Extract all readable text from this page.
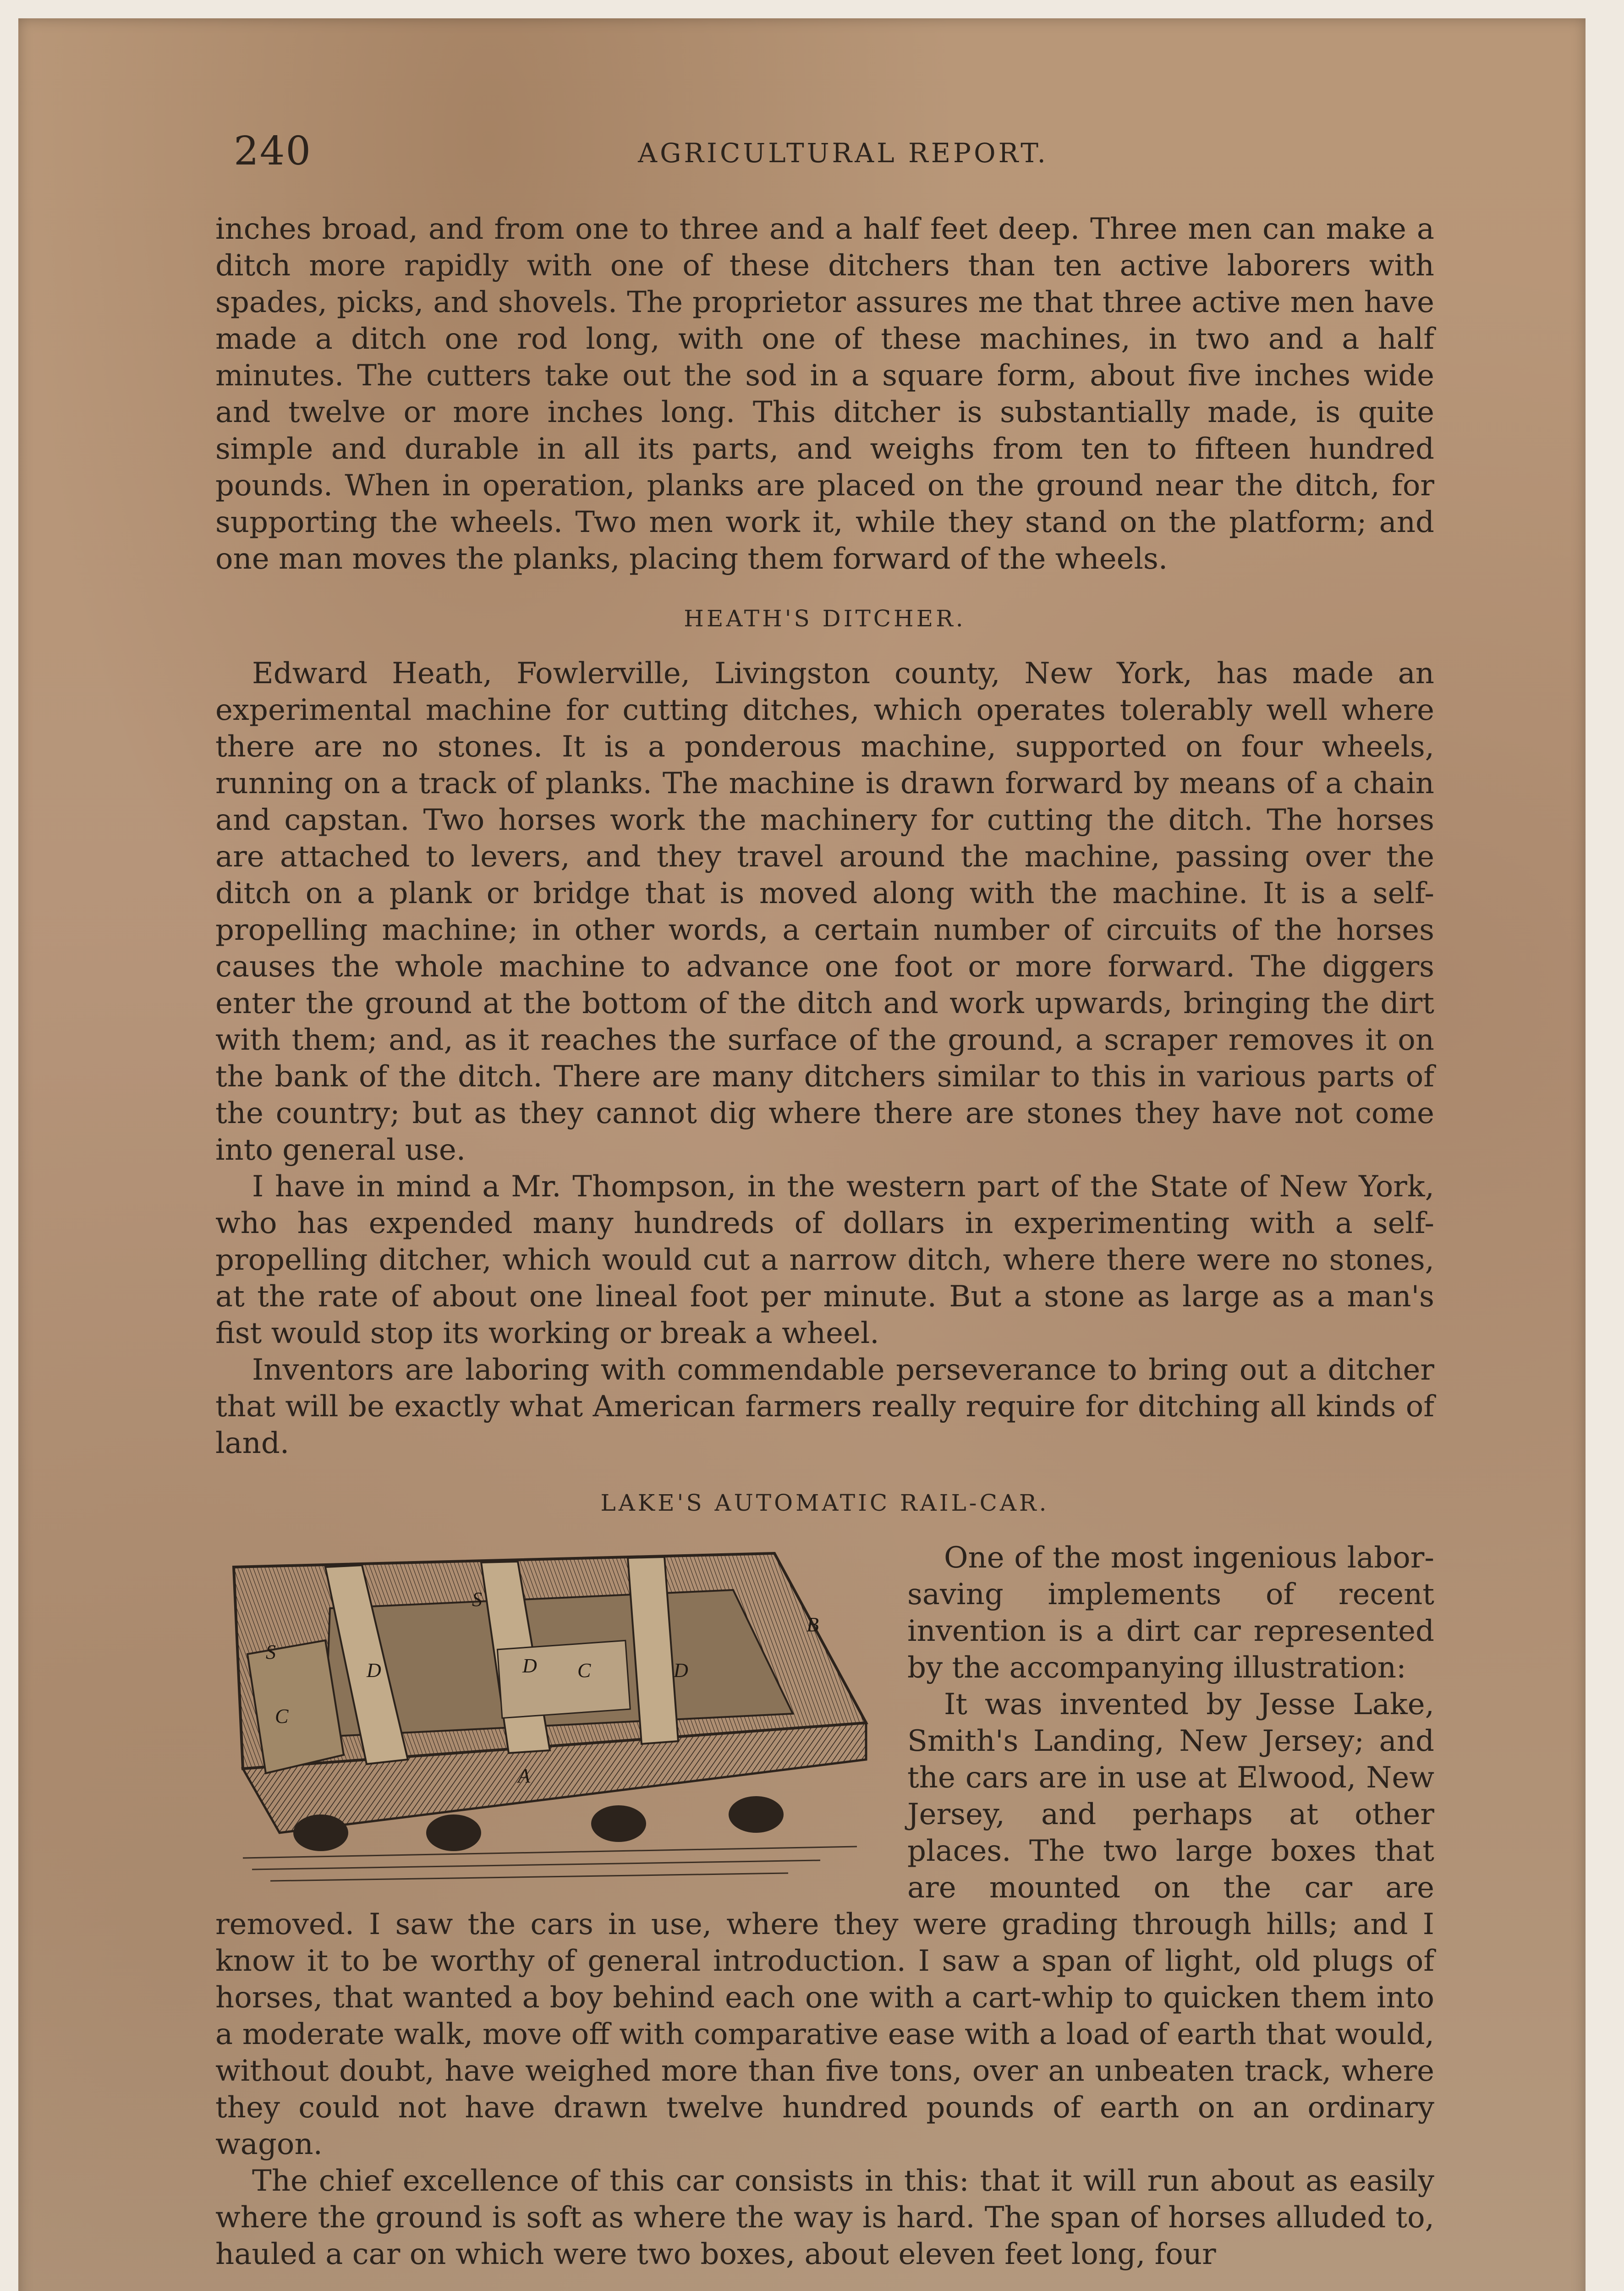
240	AGRICULTURAL REPORT.

inches broad, and from one to three and a half feet deep. Three men can make a ditch more rapidly with one of these ditchers than ten active laborers with spades, picks, and shovels. The proprietor assures me that three active men have made a ditch one rod long, with one of these machines, in two and a half minutes. The cutters take out the sod in a square form, about five inches wide and twelve or more inches long. This ditcher is substantially made, is quite simple and durable in all its parts, and weighs from ten to fifteen hundred pounds. When in operation, planks are placed on the ground near the ditch, for supporting the wheels. Two men work it, while they stand on the platform; and one man moves the planks, placing them forward of the wheels.

HEATH'S DITCHER.

Edward Heath, Fowlerville, Livingston county, New York, has made an experimental machine for cutting ditches, which operates tolerably well where there are no stones. It is a ponderous machine, supported on four wheels, running on a track of planks. The machine is drawn forward by means of a chain and capstan. Two horses work the machinery for cutting the ditch. The horses are attached to levers, and they travel around the machine, passing over the ditch on a plank or bridge that is moved along with the machine. It is a self-propelling machine; in other words, a certain number of circuits of the horses causes the whole machine to advance one foot or more forward. The diggers enter the ground at the bottom of the ditch and work upwards, bringing the dirt with them; and, as it reaches the surface of the ground, a scraper removes it on the bank of the ditch. There are many ditchers similar to this in various parts of the country; but as they cannot dig where there are stones they have not come into general use.

I have in mind a Mr. Thompson, in the western part of the State of New York, who has expended many hundreds of dollars in experimenting with a self-propelling ditcher, which would cut a narrow ditch, where there were no stones, at the rate of about one lineal foot per minute. But a stone as large as a man's fist would stop its working or break a wheel.

Inventors are laboring with commendable perseverance to bring out a ditcher that will be exactly what American farmers really require for ditching all kinds of land.

LAKE'S AUTOMATIC RAIL-CAR.
S
D
S
D C	D
B
C
A

One of the most ingenious labor-saving implements of recent invention is a dirt car represented by the accompanying illustration:

It was invented by Jesse Lake, Smith's Landing, New Jersey; and the cars are in use at Elwood, New Jersey, and perhaps at other places. The two large boxes that are mounted on the car are removed. I saw the cars in use, where they were grading through hills; and I know it to be worthy of general introduction. I saw a span of light, old plugs of horses, that wanted a boy behind each one with a cart-whip to quicken them into a moderate walk, move off with comparative ease with a load of earth that would, without doubt, have weighed more than five tons, over an unbeaten track, where they could not have drawn twelve hundred pounds of earth on an ordinary wagon.

The chief excellence of this car consists in this: that it will run about as easily where the ground is soft as where the way is hard. The span of horses alluded to, hauled a car on which were two boxes, about eleven feet long, four
